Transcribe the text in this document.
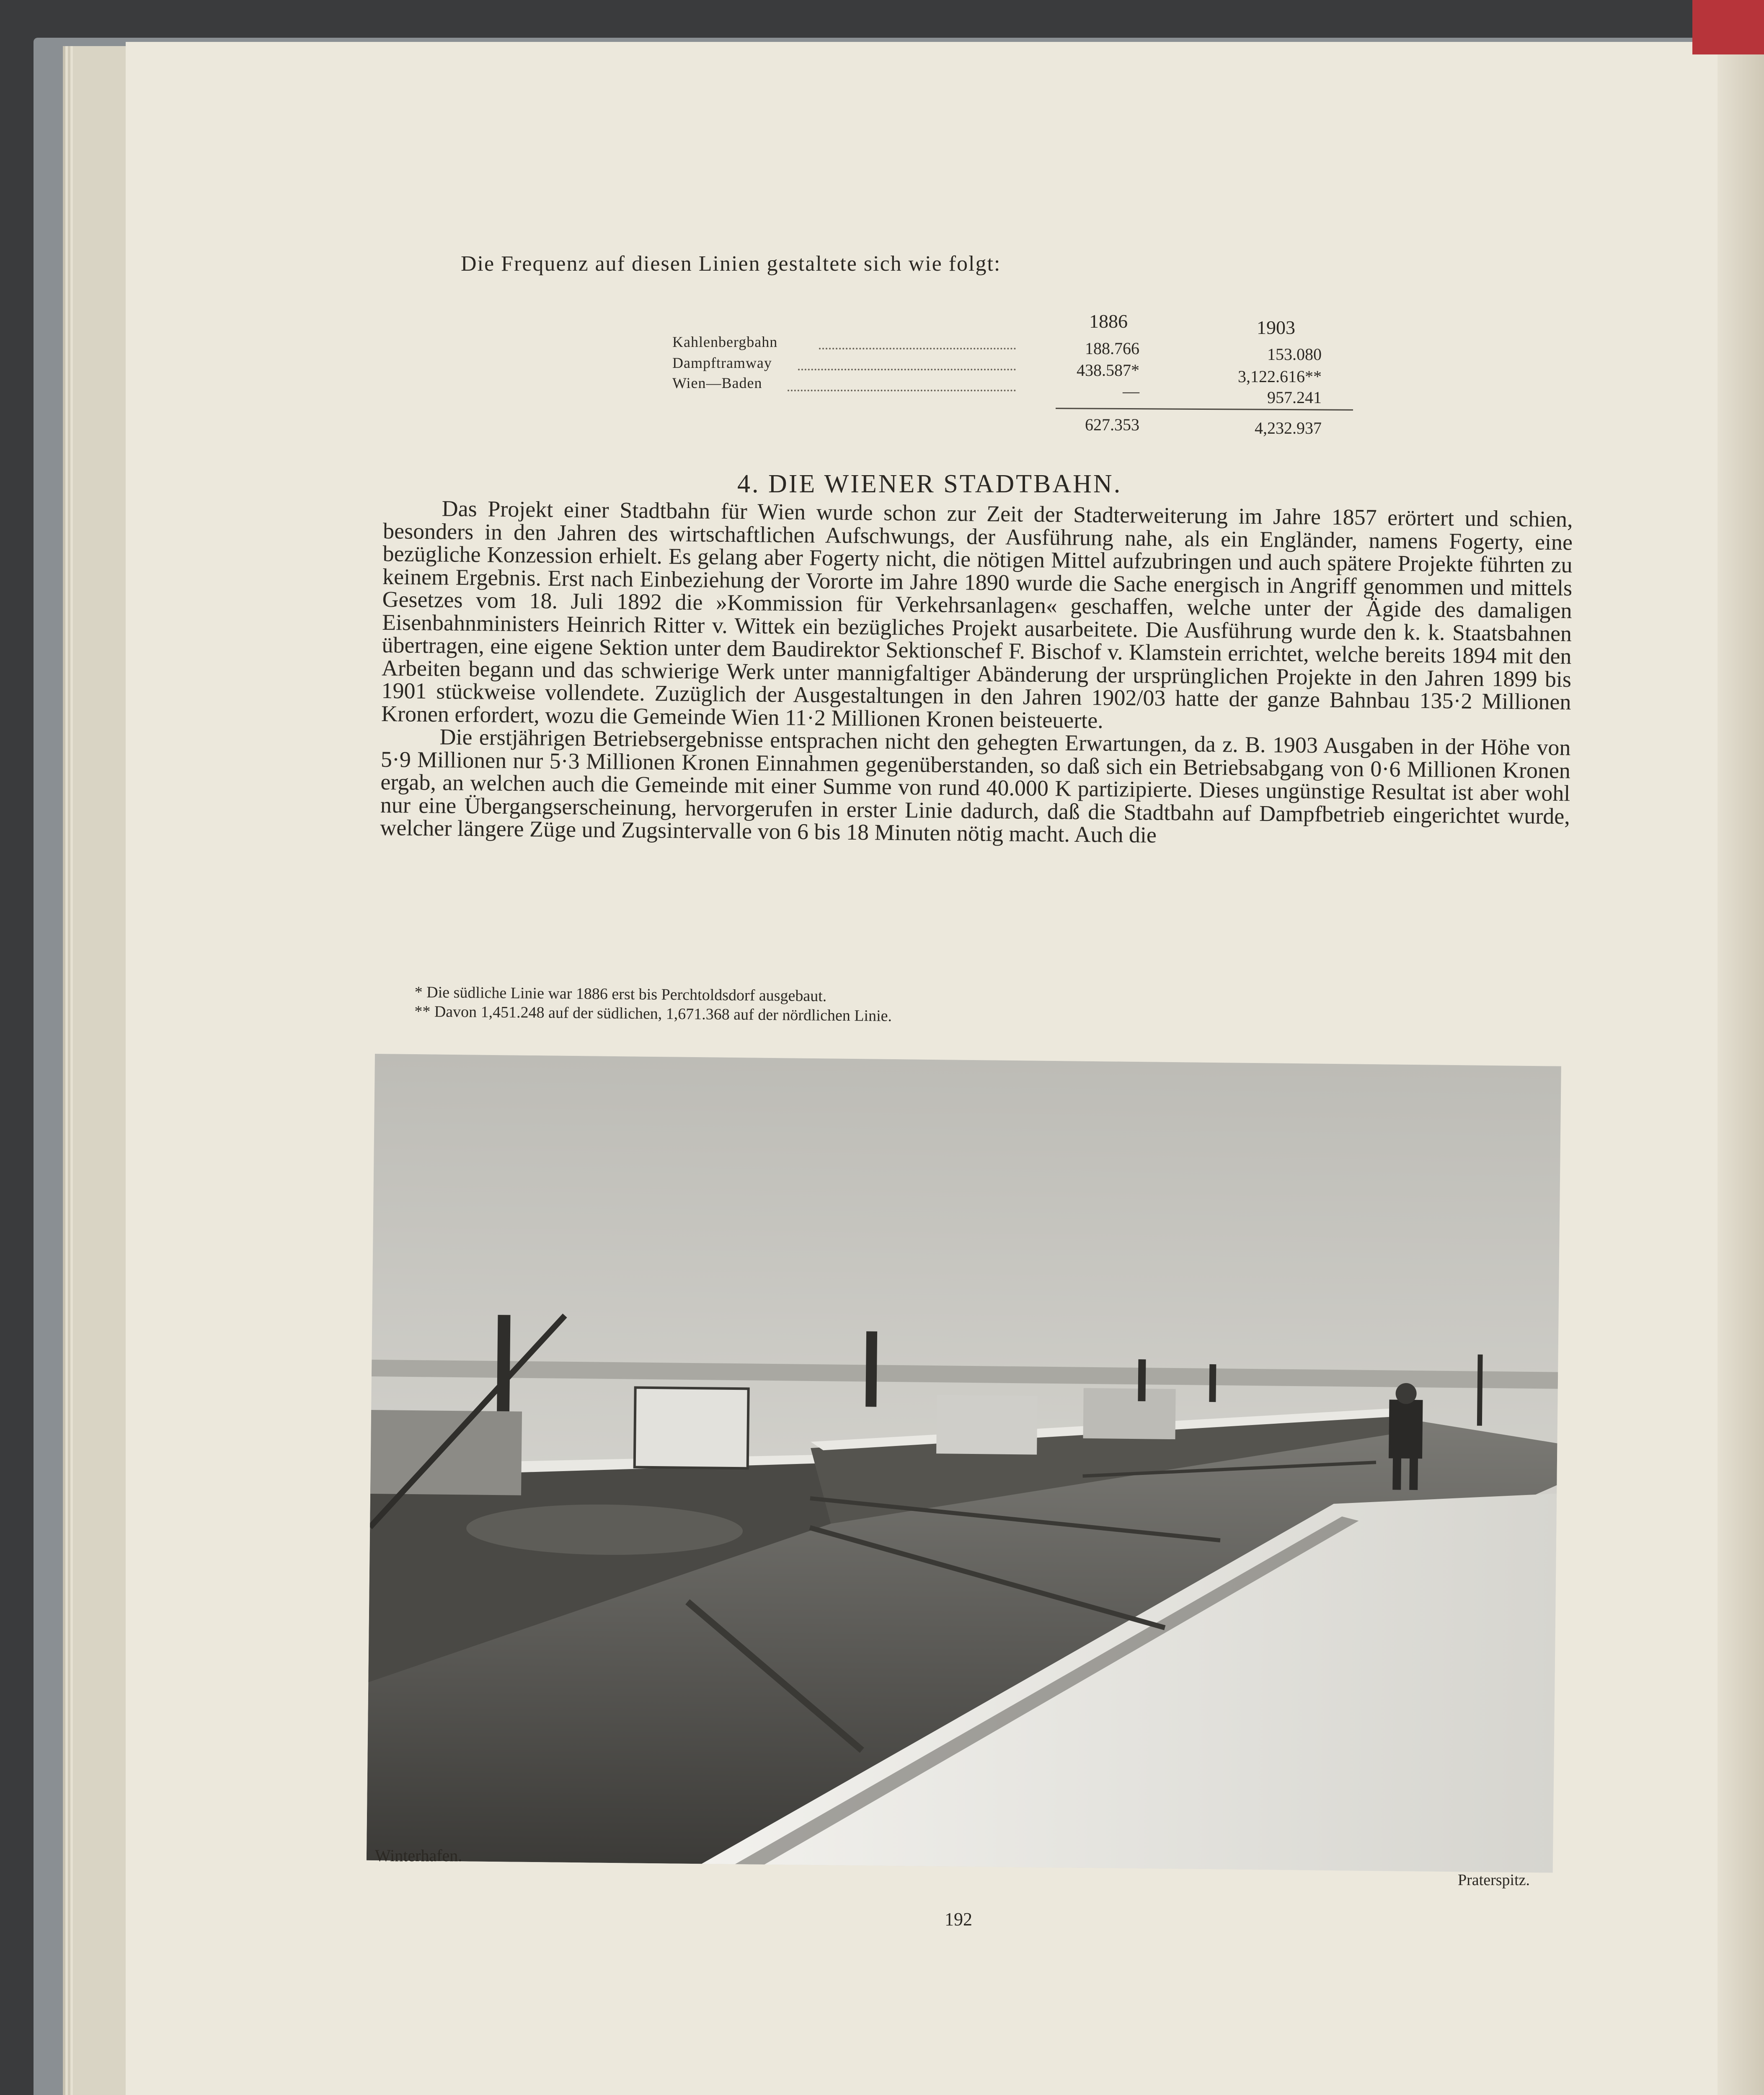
Die Frequenz auf diesen Linien gestaltete sich wie folgt:
1886	1903
Kahlenbergbahn	188.766	153.080
Dampftramway	438.587*	3,122.616**
Wien—Baden	—	957.241
627.353	4,232.937
4. DIE WIENER STADTBAHN.

Das Projekt einer Stadtbahn für Wien wurde schon zur Zeit der Stadterweiterung im Jahre 1857 erörtert und schien, besonders in den Jahren des wirtschaftlichen Aufschwungs, der Ausführung nahe, als ein Engländer, namens Fogerty, eine bezügliche Konzession erhielt. Es gelang aber Fogerty nicht, die nötigen Mittel aufzubringen und auch spätere Projekte führten zu keinem Ergebnis. Erst nach Einbeziehung der Vororte im Jahre 1890 wurde die Sache energisch in Angriff genommen und mittels Gesetzes vom 18. Juli 1892 die »Kommission für Verkehrsanlagen« geschaffen, welche unter der Ägide des damaligen Eisenbahnministers Heinrich Ritter v. Wittek ein bezügliches Projekt ausarbeitete. Die Ausführung wurde den k. k. Staatsbahnen übertragen, eine eigene Sektion unter dem Baudirektor Sektionschef F. Bischof v. Klamstein errichtet, welche bereits 1894 mit den Arbeiten begann und das schwierige Werk unter mannigfaltiger Abänderung der ursprünglichen Projekte in den Jahren 1899 bis 1901 stückweise vollendete. Zuzüglich der Ausgestaltungen in den Jahren 1902/03 hatte der ganze Bahnbau 135·2 Millionen Kronen erfordert, wozu die Gemeinde Wien 11·2 Millionen Kronen beisteuerte.

Die erstjährigen Betriebsergebnisse entsprachen nicht den gehegten Erwartungen, da z. B. 1903 Ausgaben in der Höhe von 5·9 Millionen nur 5·3 Millionen Kronen Einnahmen gegenüberstanden, so daß sich ein Betriebsabgang von 0·6 Millionen Kronen ergab, an welchen auch die Gemeinde mit einer Summe von rund 40.000 K partizipierte. Dieses ungünstige Resultat ist aber wohl nur eine Übergangserscheinung, hervorgerufen in erster Linie dadurch, daß die Stadtbahn auf Dampfbetrieb eingerichtet wurde, welcher längere Züge und Zugsintervalle von 6 bis 18 Minuten nötig macht. Auch die

* Die südliche Linie war 1886 erst bis Perchtoldsdorf ausgebaut.
** Davon 1,451.248 auf der südlichen, 1,671.368 auf der nördlichen Linie.
Winterhafen.
Praterspitz.
192
